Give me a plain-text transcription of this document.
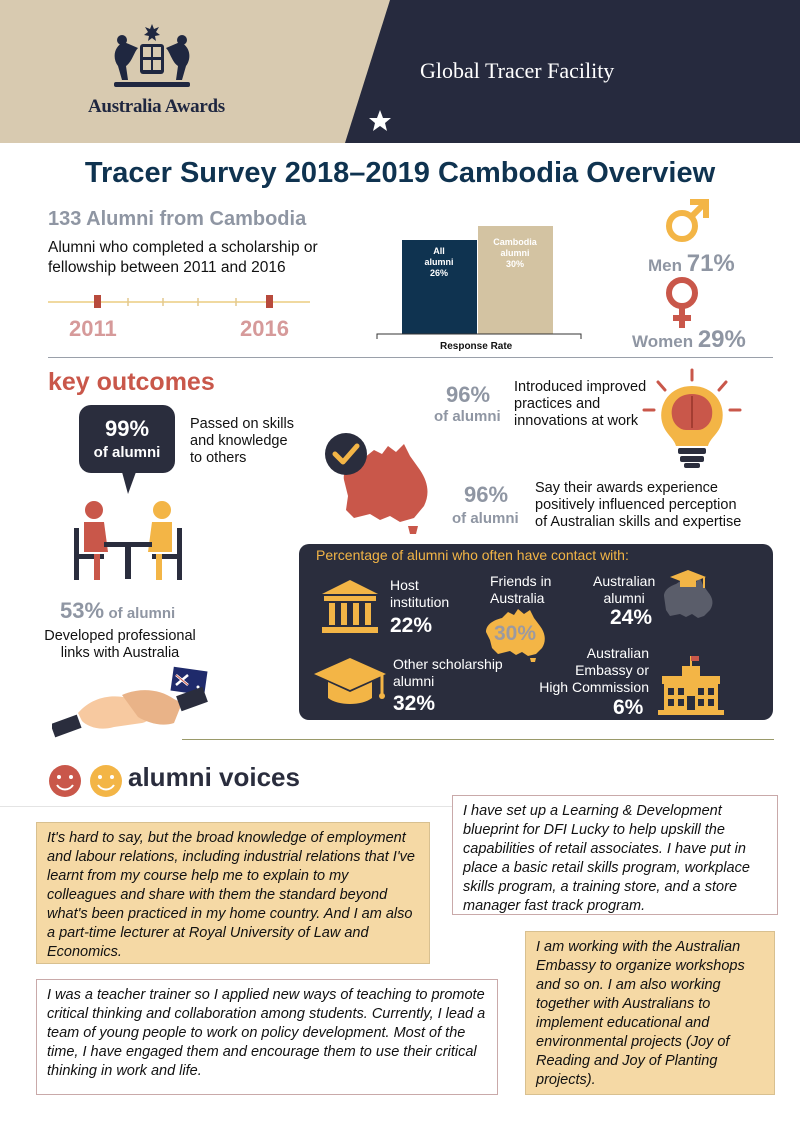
Global Tracer Facility
Australia Awards
Tracer Survey 2018–2019 Cambodia Overview
133 Alumni from Cambodia
Alumni who completed a scholarship or fellowship between 2011 and 2016
2011	2016
All
alumni
26%
Cambodia
alumni
30%
Response Rate
Men 71%
Women 29%
key outcomes
99%
of alumni
Passed on skills
and knowledge
to others
53% of alumni
Developed professional
links with Australia
96%
of alumni
Introduced improved
practices and
innovations at work
96%
of alumni
Say their awards experience
positively influenced perception
of Australian skills and expertise
Percentage of alumni who often have contact with:
Host
institution
22%
Friends in
Australia
30%
Australian
alumni
24%
Other scholarship
alumni
32%
Australian
Embassy or
High Commission
6%
alumni voices
It's hard to say, but the broad knowledge of employment and labour relations, including industrial relations that I've learnt from my course help me to explain to my colleagues and share with them the standard beyond what's been practiced in my home country. And I am also a part-time lecturer at Royal University of Law and Economics.
I have set up a Learning & Development blueprint for DFI Lucky to help upskill the capabilities of retail associates. I have put in place a basic retail skills program, workplace skills program, a training store, and a store manager fast track program.
I was a teacher trainer so I applied new ways of teaching to promote critical thinking and collaboration among students. Currently, I lead a team of young people to work on policy development. Most of the time, I have engaged them and encourage them to use their critical thinking in work and life.
I am working with the Australian Embassy to organize workshops and so on. I am also working together with Australians to implement educational and environmental projects (Joy of Reading and Joy of Planting projects).
